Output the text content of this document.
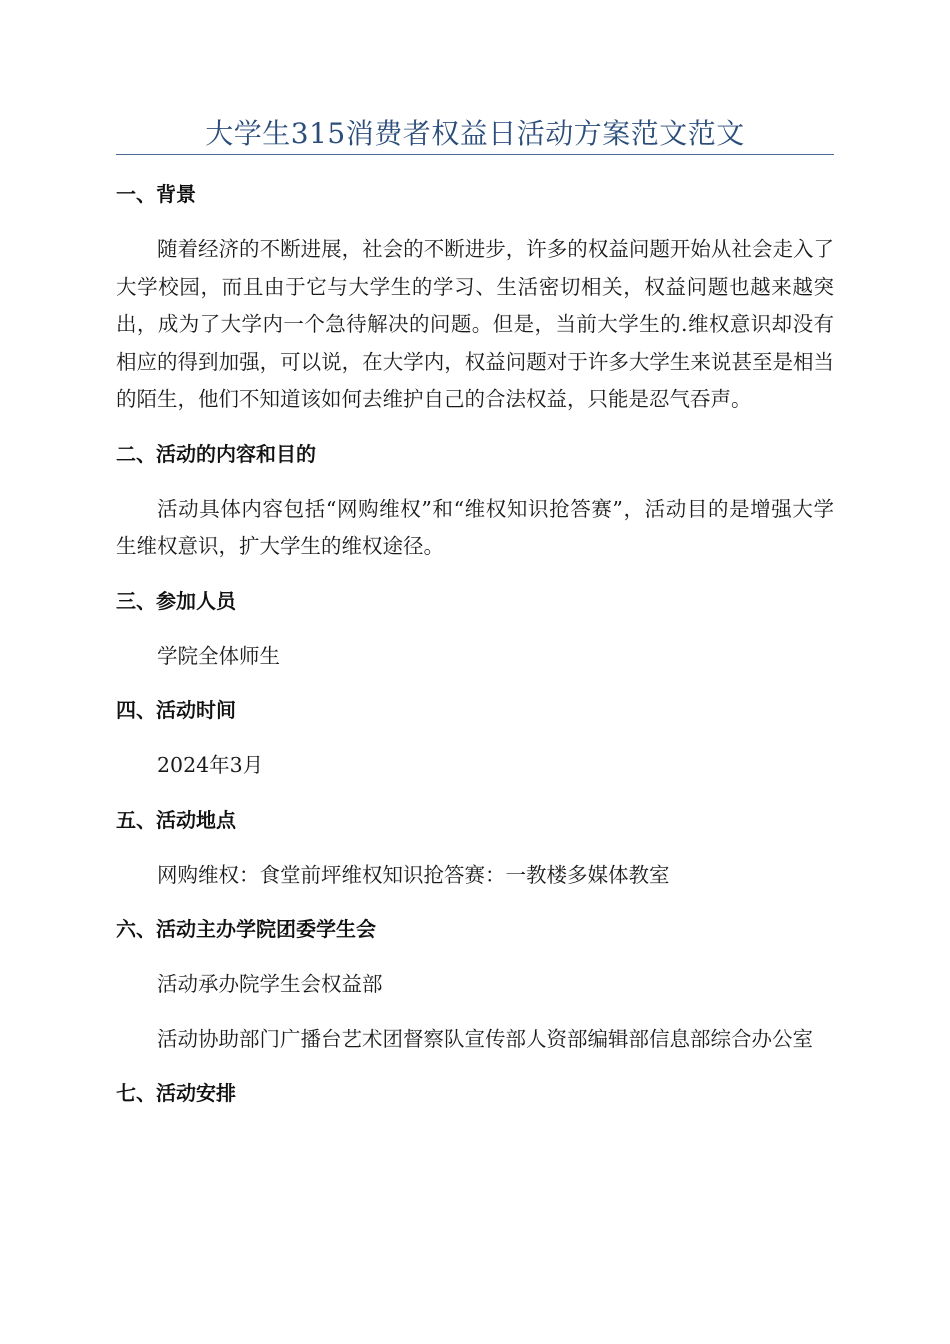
大学生315消费者权益日活动方案范文范文

一、背景

随着经济的不断进展，社会的不断进步，许多的权益问题开始从社会走入了大学校园，而且由于它与大学生的学习、生活密切相关，权益问题也越来越突出，成为了大学内一个急待解决的问题。但是，当前大学生的.维权意识却没有相应的得到加强，可以说，在大学内，权益问题对于许多大学生来说甚至是相当的陌生，他们不知道该如何去维护自己的合法权益，只能是忍气吞声。

二、活动的内容和目的

活动具体内容包括“网购维权”和“维权知识抢答赛”，活动目的是增强大学生维权意识，扩大学生的维权途径。

三、参加人员

学院全体师生

四、活动时间

2024年3月

五、活动地点

网购维权：食堂前坪维权知识抢答赛：一教楼多媒体教室

六、活动主办学院团委学生会

活动承办院学生会权益部

活动协助部门广播台艺术团督察队宣传部人资部编辑部信息部综合办公室

七、活动安排
